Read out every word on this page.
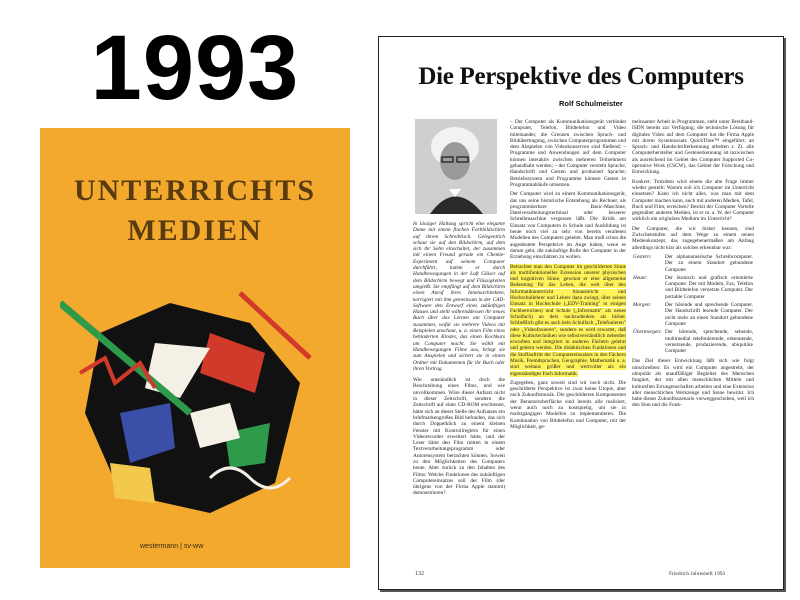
1993
UNTERRICHTS
MEDIEN
westermann | sv-ww
Die Perspektive des Computers
Rolf Schulmeister

In lässiger Haltung spricht eine elegante Dame mit einem flachen Farbbildschirm auf ihrem Schreibtisch. Gelegentlich schaut sie auf den Bildschirm, auf dem sich ihr Sohn einschaltet, der zusammen mit einem Freund gerade ein Chemie-Experiment auf seinem Computer durchführt, indem er durch Handbewegungen in der Luft Gläser auf dem Bildschirm bewegt und Flüssigkeiten umgießt. Sie empfängt auf dem Bildschirm einen Anruf ihres Innenarchitekten, korrigiert mit ihm gemeinsam in der CAD-Software den Entwurf eines zukünftigen Hauses und stellt währenddessen ihr neues Buch über das Lernen am Computer zusammen, wofür sie mehrere Videos mit Beispielen anschaut, u. a. einen Film eines behinderten Kindes, das einen Kochkurs am Computer macht. Sie wählt mit Handbewegungen Filme aus, bringt sie zum Anspielen und sichert sie in einem Ordner mit Dokumenten für ihr Buch oder ihren Vortrag.

Wie umständlich ist doch die Beschreibung eines Films, und wie unvollkommen. Wäre dieser Aufsatz nicht in dieser Zeitschrift, sondern die Zeitschrift auf einer CD-ROM erschienen, hätte sich an dieser Stelle des Aufsatzes ein briefmarkengroßes Bild befunden, das sich durch Doppelklick zu einem kleinen Fenster mit Kontrollreglern für einen Videorecorder erweitert hätte, und der Leser hätte den Film mitten in einem Textverarbeitungsprogramm oder Autorensystem betrachten können. Soweit zu den Möglichkeiten des Computers heute. Aber zurück zu den Inhalten des Films: Welche Funktionen des zukünftigen Computereinsatzes soll der Film (der übrigens von der Firma Apple stammt) demonstrieren?

– Der Computer als Kommunikationsgerät verbindet Computer, Telefon, Bildtelefon und Video miteinander, die Grenzen zwischen Sprach- und Bildübertragung, zwischen Computerprogrammen und dem Abspielen von Videokonserven sind fließend; – Programme und Anwendungen auf dem Computer können interaktiv zwischen mehreren Teilnehmern gehandhabt werden; – der Computer versteht Sprache, Handschrift und Gesten und produziert Sprache; Betriebssystem und Programme können Gesten in Programmabläufe umsetzen.

Der Computer wird zu einem Kommunikationsgerät, das uns seine historische Entstehung als Rechner, als programmierbare Basic-Maschine, Dateiverarbeitungsterminal oder besserer Schreibmaschine vergessen läßt. Die Kritik am Einsatz von Computern in Schule und Ausbildung ist heute noch viel zu sehr von bereits veralteten Modellen des Computers geleitet. Man muß schon die angedeutete Perspektive im Auge haben, wenn es darum geht, die zukünftige Rolle der Computer in der Erziehung einschätzen zu wollen.

Betrachtet man den Computer im geschilderten Sinne als multifunktionelles Extension unserer physischen und kognitiven Sinne, gewinnt er eine allgemeine Bedeutung für das Leben, die weit über den Informatikunterricht hinausreicht und Hochschullehrer und Lehrer dazu zwingt, über seinen Einsatz in Hochschule („EDV-Training" in einigen Fachbereichen) und Schule („Informatik" als neues Schulfach) an ders nachzudenken als bisher. Schließlich gibt es auch kein Schulfach „Telefonieren" oder „Videofaxieren", sondern es wird erwartet, daß diese Kulturtechniken wie selbstverständlich nebenbei erworben und integriert in anderen Fächern gelehrt und gelernt werden. Die didaktischen Funktionen und die Stoffauftritt der Computereinsatzes in den Fächern Musik, Fremdsprachen, Geographie, Mathematik u. a. sind weitaus größer und wertvoller als ein eigenständiges Fach Informatik.

Zugegeben, ganz soweit sind wir noch nicht. Die geschilderte Perspektive ist zwar keine Utopie, aber noch Zukunftsmusik. Die geschilderten Komponenten der Benutzeroberfläche sind bereits alle realisiert, wenn auch noch zu kostspielig, um sie in marktgängigen Modellen zu implementieren. Die Kombination von Bildtelefon und Computer, mit der Möglichkeit, ge-

meinsamer Arbeit in Programmen, steht unter Breitband-ISDN bereits zur Verfügung; die technische Lösung für digitales Video auf dem Computer hat die Firma Apple mit ihrem Systemzusatz QuickTime™ eingeführt; an Sprach- und Handschrifterkennung arbeiten z. Zt. alle Computerhersteller und Gestenerkennung ist inzwischen als ausreichend im Gebiet des Computer Supported Co-operative Work (CSCW), das Gebiet der Forschung und Entwicklung.

Konkret: Trotzdem wird einem die alte Frage immer wieder gestellt: Warum soll ich Computer im Unterricht einsetzen? Kann ich nicht alles, was man mit dem Computer machen kann, auch mit anderen Medien, Tafel, Buch und Film, erreichen? Besitzt der Computer Vorteile gegenüber anderen Medien, ist er m. a. W. der Computer wirklich ein originäres Medium im Unterricht?

Der Computer, die wir bisher kennen, sind Zwischenstufen auf dem Wege zu einem neuen Medienkonzept, das zugegebenermaßen am Anfang allerdings nicht klar als solches erkennbar war:

Gestern:	Der alphanumerische Schreibcomputer. Der zu einem Standort gebundene Computer
Heute:	Der ikonisch und grafisch orientierte Computer. Der mit Modem, Fax, Telefon und Bildtelefon vernetzte Computer. Der portable Computer
Morgen:	Der hörende und sprechende Computer. Der Handschrift lesende Computer. Der nicht mehr an einen Standort gebundene Computer
Übermorgen:	Der hörende, sprechende, sehende, multimedial telefonierende, erkennende, vernetzende, produzierende, ubiquitäre Computer

Das Ziel dieser Entwicklung läßt sich wie folgt umschreiben: Es wird ein Computer angestrebt, der ubiquitär als unauffälliger Begleiter des Menschen fungiert, der mit allen menschlichen Mitteln und kulturellen Errungenschaften arbeiten und eine Extension aller menschlichen Werkzeuge und Sinne bewirkt. Ich habe dieses Zukunftsszenario vorweggeschoben, weil ich den Sinn und die Funk-

132	Friedrich Jahresheft 1993
